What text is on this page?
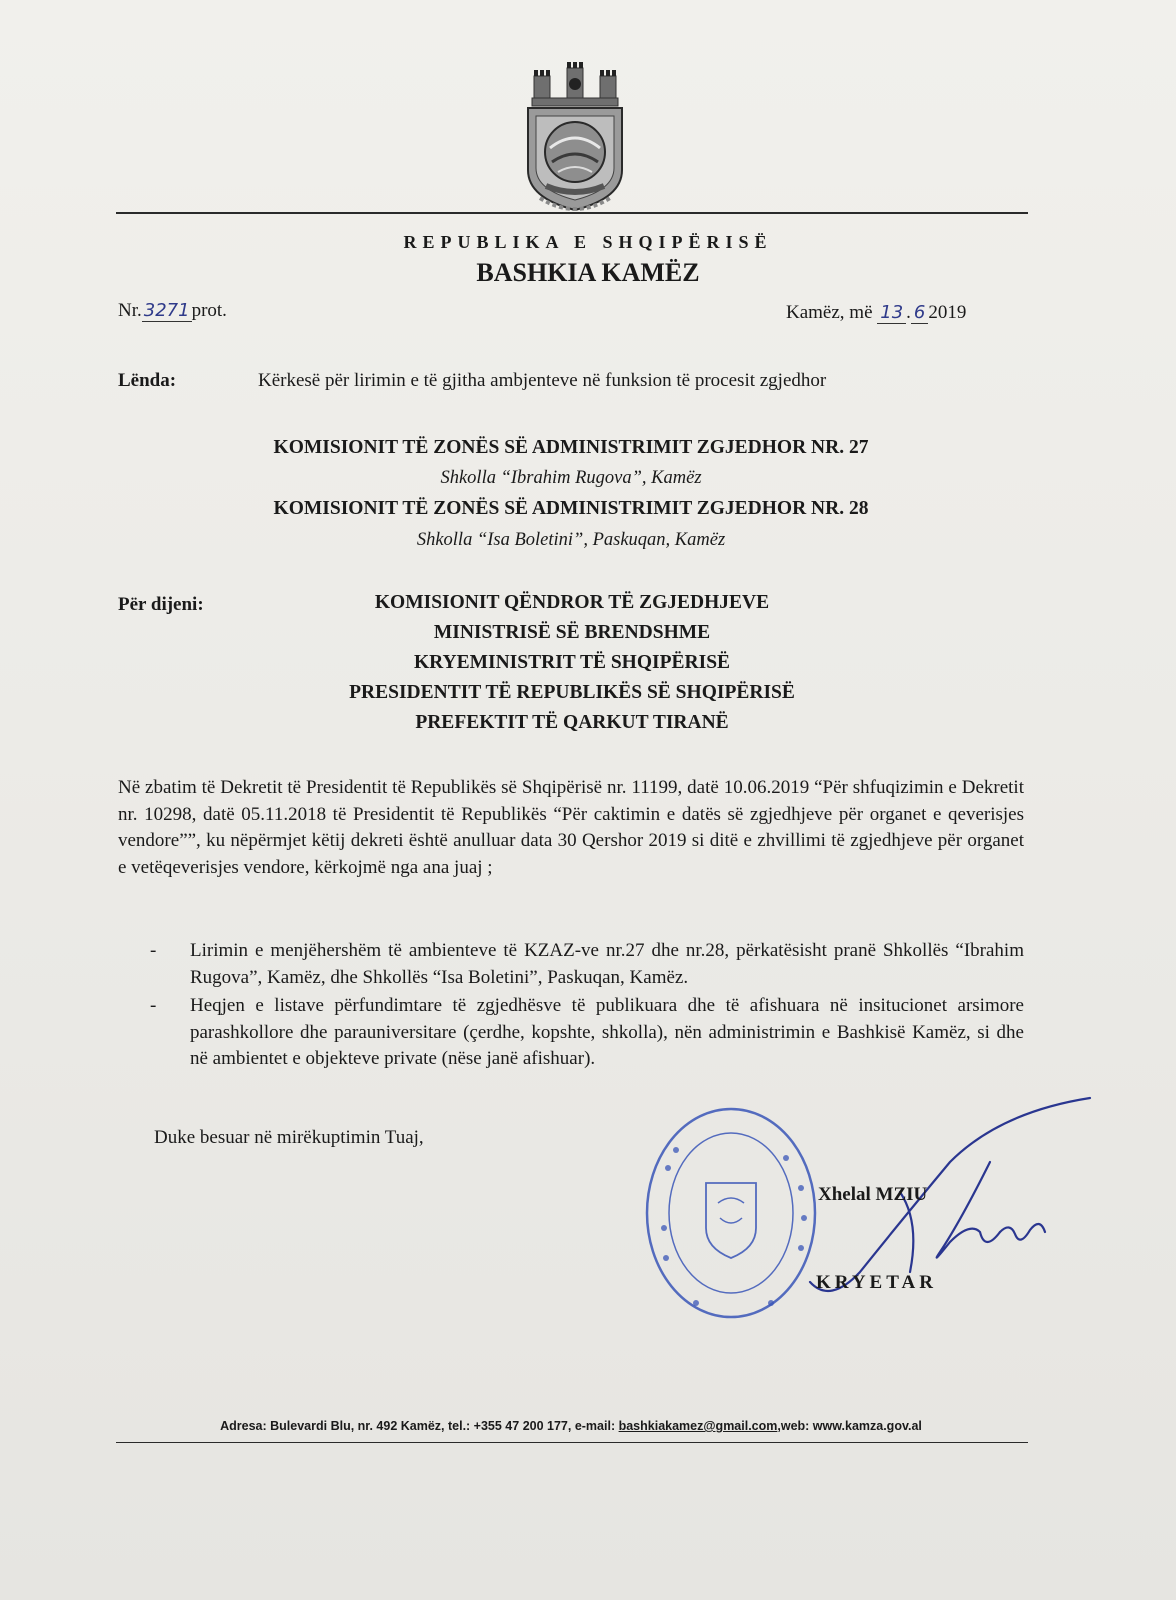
REPUBLIKA E SHQIPËRISË
BASHKIA KAMËZ
Nr. 3271 prot.	Kamëz, më 13 . 6 2019
Lënda:	Kërkesë për lirimin e të gjitha ambjenteve në funksion të procesit zgjedhor
KOMISIONIT TË ZONËS SË ADMINISTRIMIT ZGJEDHOR NR. 27
Shkolla “Ibrahim Rugova”, Kamëz
KOMISIONIT TË ZONËS SË ADMINISTRIMIT ZGJEDHOR NR. 28
Shkolla “Isa Boletini”, Paskuqan, Kamëz
Për dijeni:	KOMISIONIT QËNDROR TË ZGJEDHJEVE
MINISTRISË SË BRENDSHME
KRYEMINISTRIT TË SHQIPËRISË
PRESIDENTIT TË REPUBLIKËS SË SHQIPËRISË
PREFEKTIT TË QARKUT TIRANË

Në zbatim të Dekretit të Presidentit të Republikës së Shqipërisë nr. 11199, datë 10.06.2019 “Për shfuqizimin e Dekretit nr. 10298, datë 05.11.2018 të Presidentit të Republikës “Për caktimin e datës së zgjedhjeve për organet e qeverisjes vendore””, ku nëpërmjet këtij dekreti është anulluar data 30 Qershor 2019 si ditë e zhvillimi të zgjedhjeve për organet e vetëqeverisjes vendore, kërkojmë nga ana juaj ;

- Lirimin e menjëhershëm të ambienteve të KZAZ-ve nr.27 dhe nr.28, përkatësisht pranë Shkollës “Ibrahim Rugova”, Kamëz, dhe Shkollës “Isa Boletini”, Paskuqan, Kamëz.
- Heqjen e listave përfundimtare të zgjedhësve të publikuara dhe të afishuara në insitucionet arsimore parashkollore dhe parauniversitare (çerdhe, kopshte, shkolla), nën administrimin e Bashkisë Kamëz, si dhe në ambientet e objekteve private (nëse janë afishuar).
Duke besuar në mirëkuptimin Tuaj,
Xhelal MZIU
KRYETAR
Adresa: Bulevardi Blu, nr. 492 Kamëz, tel.: +355 47 200 177, e-mail: bashkiakamez@gmail.com,web: www.kamza.gov.al
